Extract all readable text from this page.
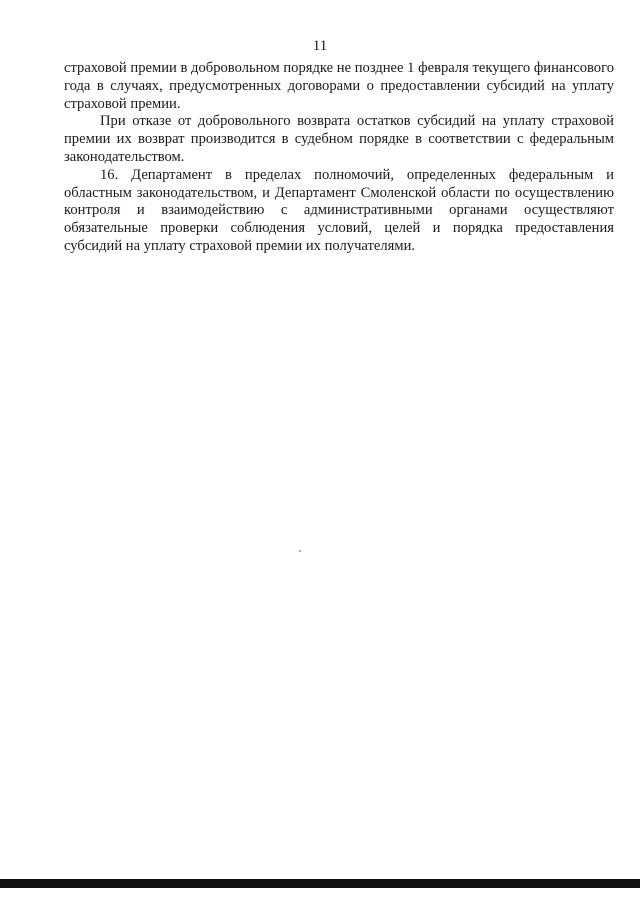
11

страховой премии в добровольном порядке не позднее 1 февраля текущего финансового года в случаях, предусмотренных договорами о предоставлении субсидий на уплату страховой премии.

При отказе от добровольного возврата остатков субсидий на уплату страховой премии их возврат производится в судебном порядке в соответствии с федеральным законодательством.

16. Департамент в пределах полномочий, определенных федеральным и областным законодательством, и Департамент Смоленской области по осуществлению контроля и взаимодействию с административными органами осуществляют обязательные проверки соблюдения условий, целей и порядка предоставления субсидий на уплату страховой премии их получателями.
